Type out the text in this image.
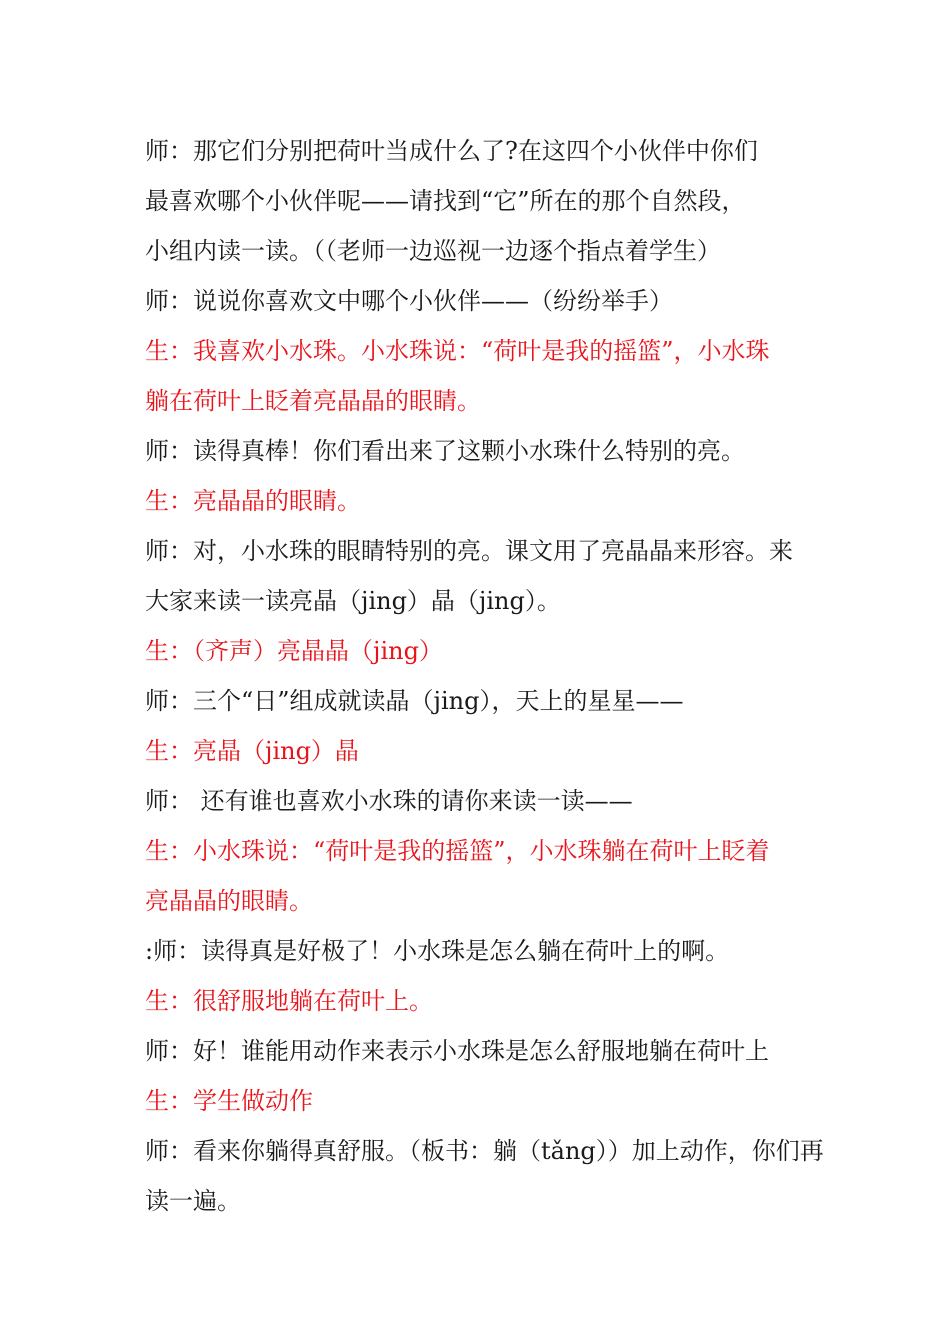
师：那它们分别把荷叶当成什么了?在这四个小伙伴中你们
最喜欢哪个小伙伴呢——请找到“它”所在的那个自然段，
小组内读一读。（（老师一边巡视一边逐个指点着学生）
师：说说你喜欢文中哪个小伙伴——（纷纷举手）
生：我喜欢小水珠。小水珠说：“荷叶是我的摇篮”，小水珠
躺在荷叶上眨着亮晶晶的眼睛。
师：读得真棒！你们看出来了这颗小水珠什么特别的亮。
生：亮晶晶的眼睛。
师：对，小水珠的眼睛特别的亮。课文用了亮晶晶来形容。来
大家来读一读亮晶（jing）晶（jing）。
生：（齐声）亮晶晶（jing）
师：三个“日”组成就读晶（jing），天上的星星——
生：亮晶（jing）晶
师： 还有谁也喜欢小水珠的请你来读一读——
生：小水珠说：“荷叶是我的摇篮”，小水珠躺在荷叶上眨着
亮晶晶的眼睛。
:师：读得真是好极了！小水珠是怎么躺在荷叶上的啊。
生：很舒服地躺在荷叶上。
师：好！谁能用动作来表示小水珠是怎么舒服地躺在荷叶上
生：学生做动作
师：看来你躺得真舒服。（板书：躺（tǎng））加上动作，你们再
读一遍。
